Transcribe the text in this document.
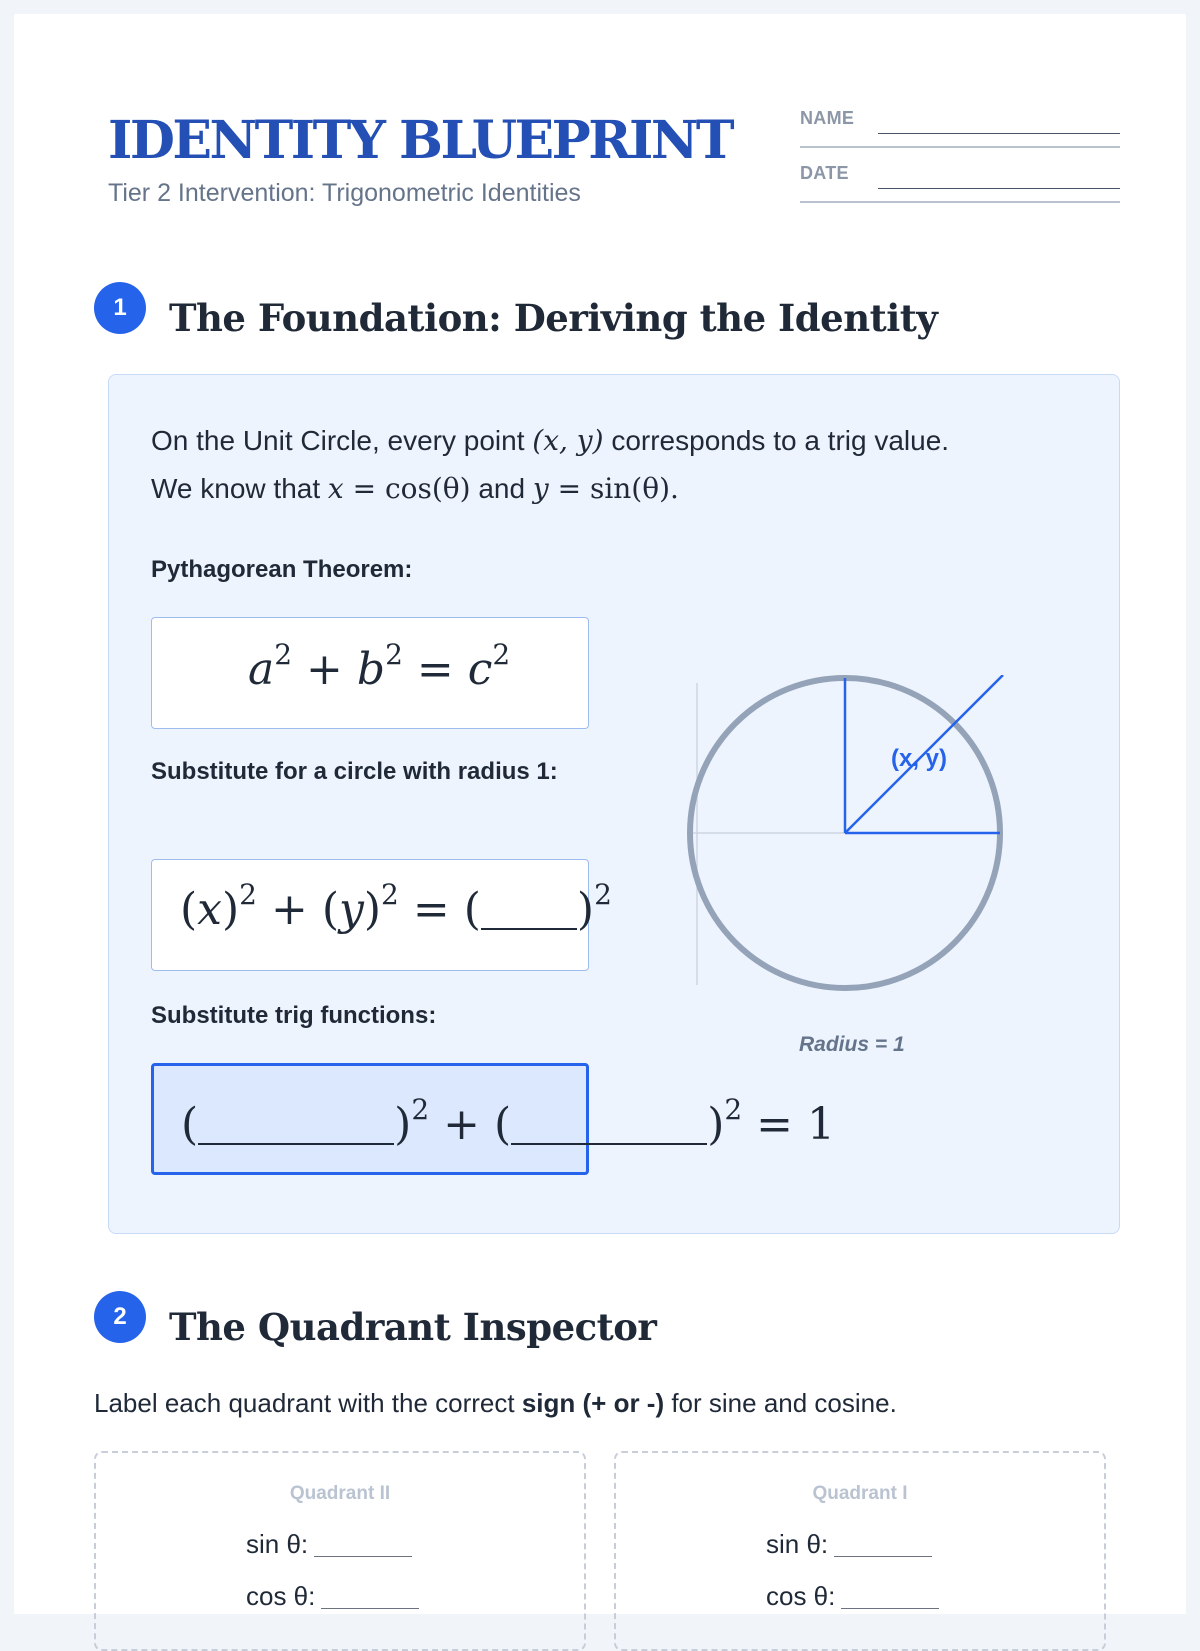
IDENTITY BLUEPRINT
Tier 2 Intervention: Trigonometric Identities
NAME
DATE
1	The Foundation: Deriving the Identity
On the Unit Circle, every point (x, y) corresponds to a trig value.
We know that x = cos(θ) and y = sin(θ).
Pythagorean Theorem:
$a^2 + b^2 = c^2$
Substitute for a circle with radius 1:
$(x)^2 + (y)^2$ = ( )$^2$
Substitute trig functions:
(	)$^2$ + (	)$^2$ = 1
(x, y)
Radius = 1
2	The Quadrant Inspector
Label each quadrant with the correct sign (+ or -) for sine and cosine.
Quadrant II
sin θ:
cos θ:
Quadrant I
sin θ:
cos θ:
